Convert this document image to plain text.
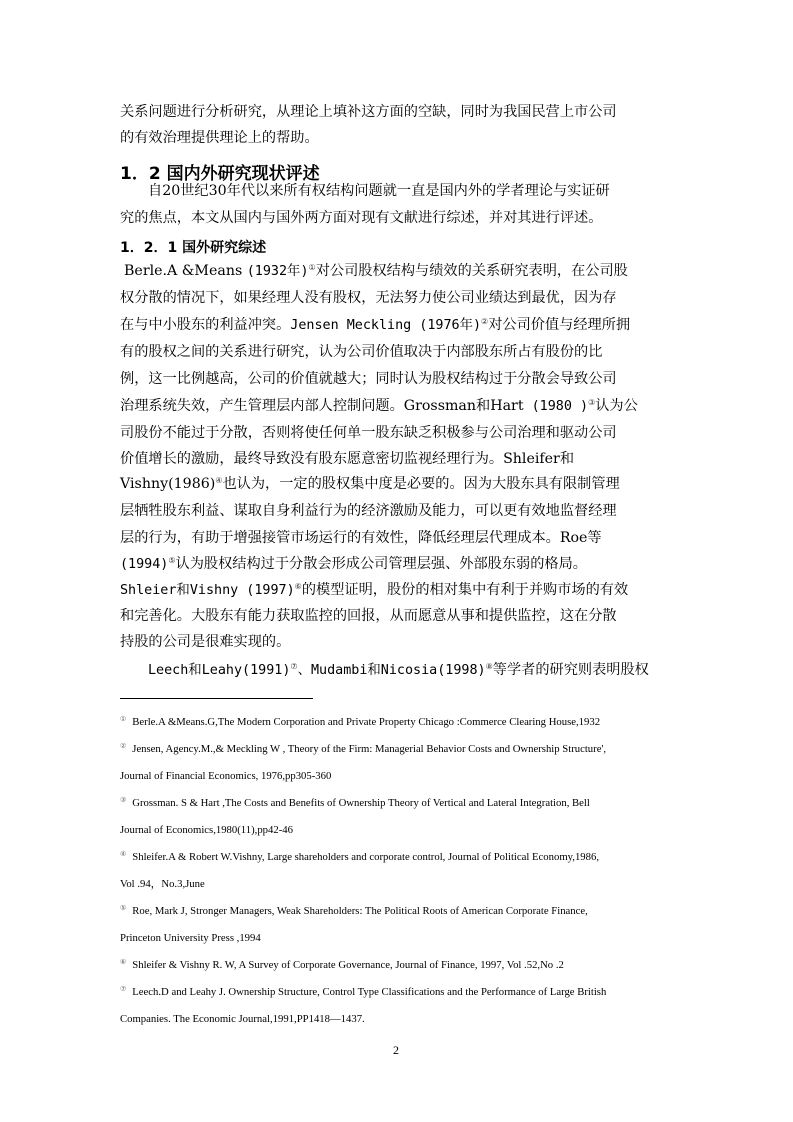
关系问题进行分析研究，从理论上填补这方面的空缺，同时为我国民营上市公司
的有效治理提供理论上的帮助。
1．2 国内外研究现状评述
自20世纪30年代以来所有权结构问题就一直是国内外的学者理论与实证研
究的焦点，本文从国内与国外两方面对现有文献进行综述，并对其进行评述。
1．2．1 国外研究综述
Berle.A &Means (1932年)①对公司股权结构与绩效的关系研究表明，在公司股
权分散的情况下，如果经理人没有股权，无法努力使公司业绩达到最优，因为存
在与中小股东的利益冲突。Jensen Meckling (1976年)②对公司价值与经理所拥
有的股权之间的关系进行研究，认为公司价值取决于内部股东所占有股份的比
例，这一比例越高，公司的价值就越大；同时认为股权结构过于分散会导致公司
治理系统失效，产生管理层内部人控制问题。Grossman和Hart (1980 )③认为公
司股份不能过于分散，否则将使任何单一股东缺乏积极参与公司治理和驱动公司
价值增长的激励，最终导致没有股东愿意密切监视经理行为。Shleifer和
Vishny(1986)④也认为，一定的股权集中度是必要的。因为大股东具有限制管理
层牺牲股东利益、谋取自身利益行为的经济激励及能力，可以更有效地监督经理
层的行为，有助于增强接管市场运行的有效性，降低经理层代理成本。Roe等
(1994)⑤认为股权结构过于分散会形成公司管理层强、外部股东弱的格局。
Shleier和Vishny (1997)⑥的模型证明，股份的相对集中有利于并购市场的有效
和完善化。大股东有能力获取监控的回报，从而愿意从事和提供监控，这在分散
持股的公司是很难实现的。
Leech和Leahy(1991)⑦、Mudambi和Nicosia(1998)⑧等学者的研究则表明股权
① Berle.A &Means.G,The Modern Corporation and Private Property Chicago :Commerce Clearing House,1932
② Jensen, Agency.M.,& Meckling W , Theory of the Firm: Managerial Behavior Costs and Ownership Structure',
Journal of Financial Economics, 1976,pp305-360
③ Grossman. S & Hart ,The Costs and Benefits of Ownership Theory of Vertical and Lateral Integration, Bell
Journal of Economics,1980(11),pp42-46
④ Shleifer.A & Robert W.Vishny, Large shareholders and corporate control, Journal of Political Economy,1986,
Vol .94，No.3,June
⑤ Roe, Mark J, Stronger Managers, Weak Shareholders: The Political Roots of American Corporate Finance,
Princeton University Press ,1994
⑥ Shleifer & Vishny R. W, A Survey of Corporate Governance, Journal of Finance, 1997, Vol .52,No .2
⑦ Leech.D and Leahy J. Ownership Structure, Control Type Classifications and the Performance of Large British
Companies. The Economic Journal,1991,PP1418—1437.
2
